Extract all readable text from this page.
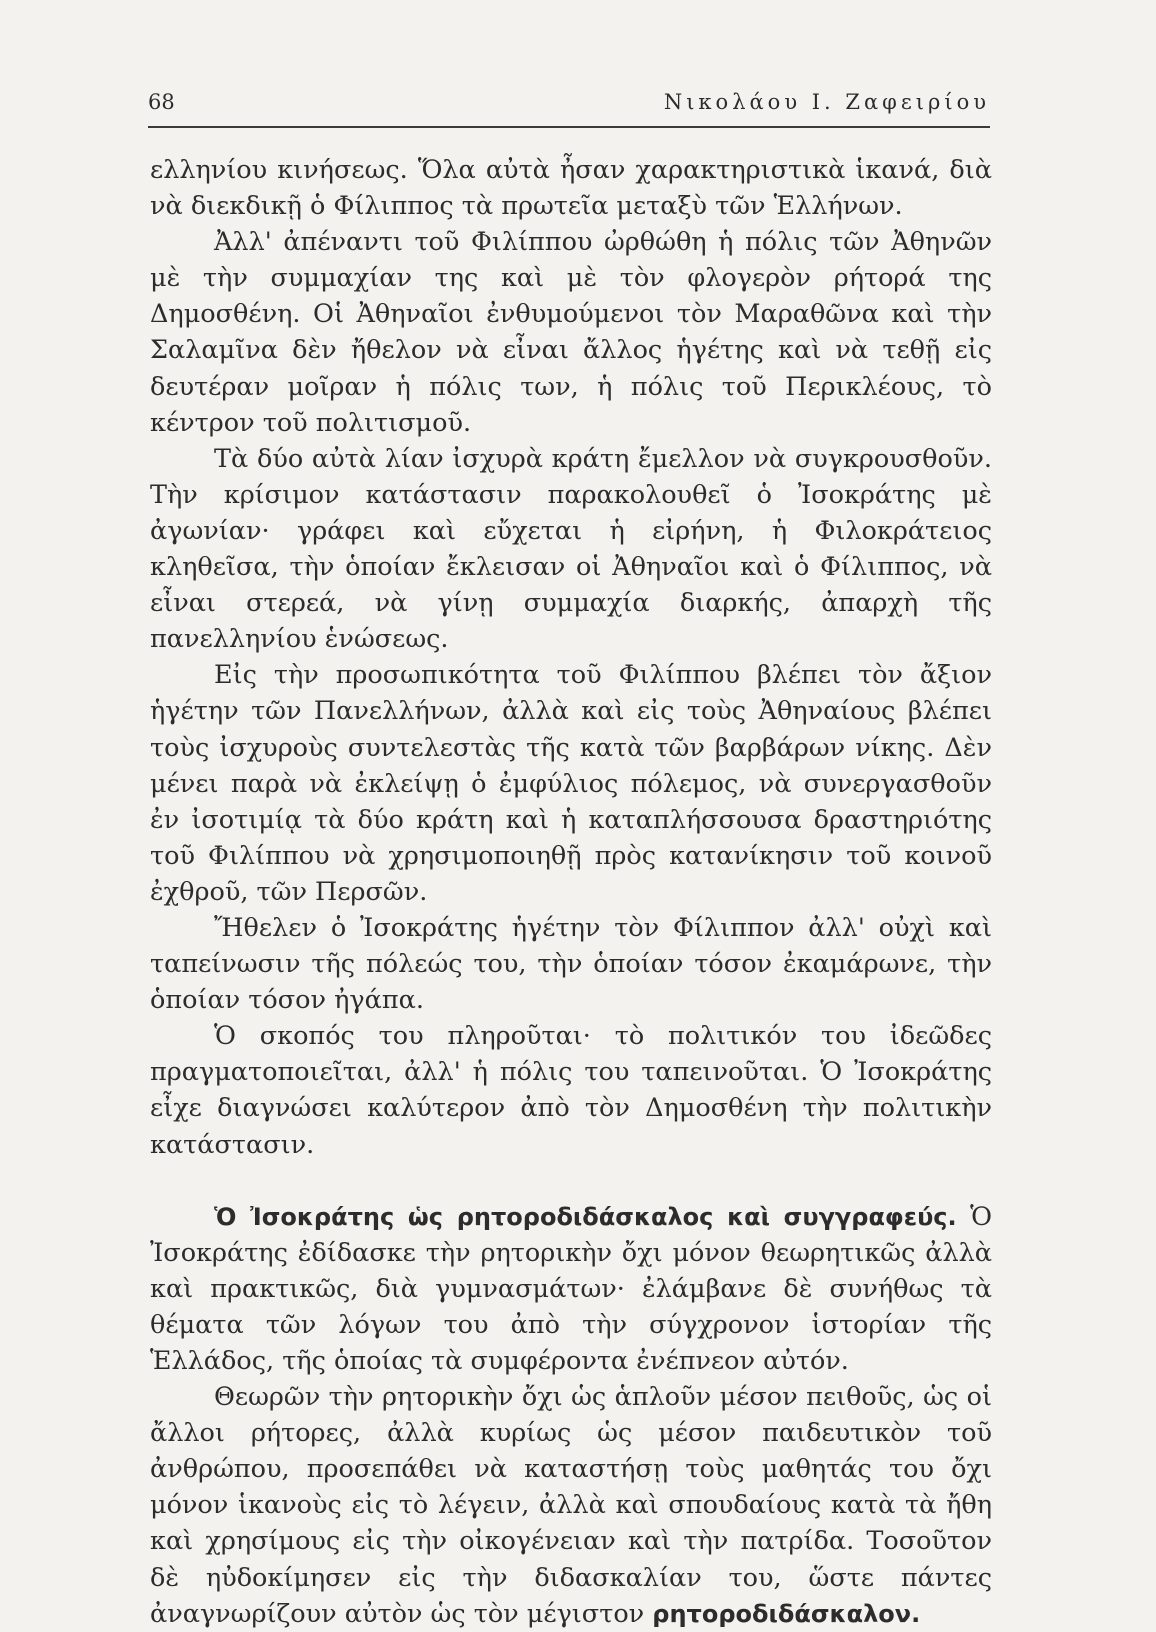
68	Νικολάου Ι. Ζαφειρίου

ελληνίου κινήσεως. Ὅλα αὐτὰ ἦσαν χαρακτηριστικὰ ἱκανά, διὰ νὰ διεκδικῇ ὁ Φίλιππος τὰ πρωτεῖα μεταξὺ τῶν Ἑλλήνων.

Ἀλλ' ἀπέναντι τοῦ Φιλίππου ὠρθώθη ἡ πόλις τῶν Ἀθηνῶν μὲ τὴν συμμαχίαν της καὶ μὲ τὸν φλογερὸν ρήτορά της Δημοσθένη. Οἱ Ἀθηναῖοι ἐνθυμούμενοι τὸν Μαραθῶνα καὶ τὴν Σαλαμῖνα δὲν ἤθελον νὰ εἶναι ἄλλος ἡγέτης καὶ νὰ τεθῇ εἰς δευτέραν μοῖραν ἡ πόλις των, ἡ πόλις τοῦ Περικλέους, τὸ κέντρον τοῦ πολιτισμοῦ.

Τὰ δύο αὐτὰ λίαν ἰσχυρὰ κράτη ἔμελλον νὰ συγκρουσθοῦν. Τὴν κρίσιμον κατάστασιν παρακολουθεῖ ὁ Ἰσοκράτης μὲ ἀγωνίαν· γράφει καὶ εὔχεται ἡ εἰρήνη, ἡ Φιλοκράτειος κληθεῖσα, τὴν ὁποίαν ἔκλεισαν οἱ Ἀθηναῖοι καὶ ὁ Φίλιππος, νὰ εἶναι στερεά, νὰ γίνῃ συμμαχία διαρκής, ἀπαρχὴ τῆς πανελληνίου ἑνώσεως.

Εἰς τὴν προσωπικότητα τοῦ Φιλίππου βλέπει τὸν ἄξιον ἡγέτην τῶν Πανελλήνων, ἀλλὰ καὶ εἰς τοὺς Ἀθηναίους βλέπει τοὺς ἰσχυροὺς συντελεστὰς τῆς κατὰ τῶν βαρβάρων νίκης. Δὲν μένει παρὰ νὰ ἐκλείψῃ ὁ ἐμφύλιος πόλεμος, νὰ συνεργασθοῦν ἐν ἰσοτιμίᾳ τὰ δύο κράτη καὶ ἡ καταπλήσσουσα δραστηριότης τοῦ Φιλίππου νὰ χρησιμοποιηθῇ πρὸς κατανίκησιν τοῦ κοινοῦ ἐχθροῦ, τῶν Περσῶν.

Ἤθελεν ὁ Ἰσοκράτης ἡγέτην τὸν Φίλιππον ἀλλ' οὐχὶ καὶ ταπείνωσιν τῆς πόλεώς του, τὴν ὁποίαν τόσον ἐκαμάρωνε, τὴν ὁποίαν τόσον ἠγάπα.

Ὁ σκοπός του πληροῦται· τὸ πολιτικόν του ἰδεῶδες πραγματοποιεῖται, ἀλλ' ἡ πόλις του ταπεινοῦται. Ὁ Ἰσοκράτης εἶχε διαγνώσει καλύτερον ἀπὸ τὸν Δημοσθένη τὴν πολιτικὴν κατάστασιν.

Ὁ Ἰσοκράτης ὡς ρητοροδιδάσκαλος καὶ συγγραφεύς. Ὁ Ἰσοκράτης ἐδίδασκε τὴν ρητορικὴν ὄχι μόνον θεωρητικῶς ἀλλὰ καὶ πρακτικῶς, διὰ γυμνασμάτων· ἐλάμβανε δὲ συνήθως τὰ θέματα τῶν λόγων του ἀπὸ τὴν σύγχρονον ἱστορίαν τῆς Ἑλλάδος, τῆς ὁποίας τὰ συμφέροντα ἐνέπνεον αὐτόν.

Θεωρῶν τὴν ρητορικὴν ὄχι ὡς ἁπλοῦν μέσον πειθοῦς, ὡς οἱ ἄλλοι ρήτορες, ἀλλὰ κυρίως ὡς μέσον παιδευτικὸν τοῦ ἀνθρώπου, προσεπάθει νὰ καταστήσῃ τοὺς μαθητάς του ὄχι μόνον ἱκανοὺς εἰς τὸ λέγειν, ἀλλὰ καὶ σπουδαίους κατὰ τὰ ἤθη καὶ χρησίμους εἰς τὴν οἰκογένειαν καὶ τὴν πατρίδα. Τοσοῦτον δὲ ηὐδοκίμησεν εἰς τὴν διδασκαλίαν του, ὥστε πάντες ἀναγνωρίζουν αὐτὸν ὡς τὸν μέγιστον ρητοροδιδάσκαλον.
